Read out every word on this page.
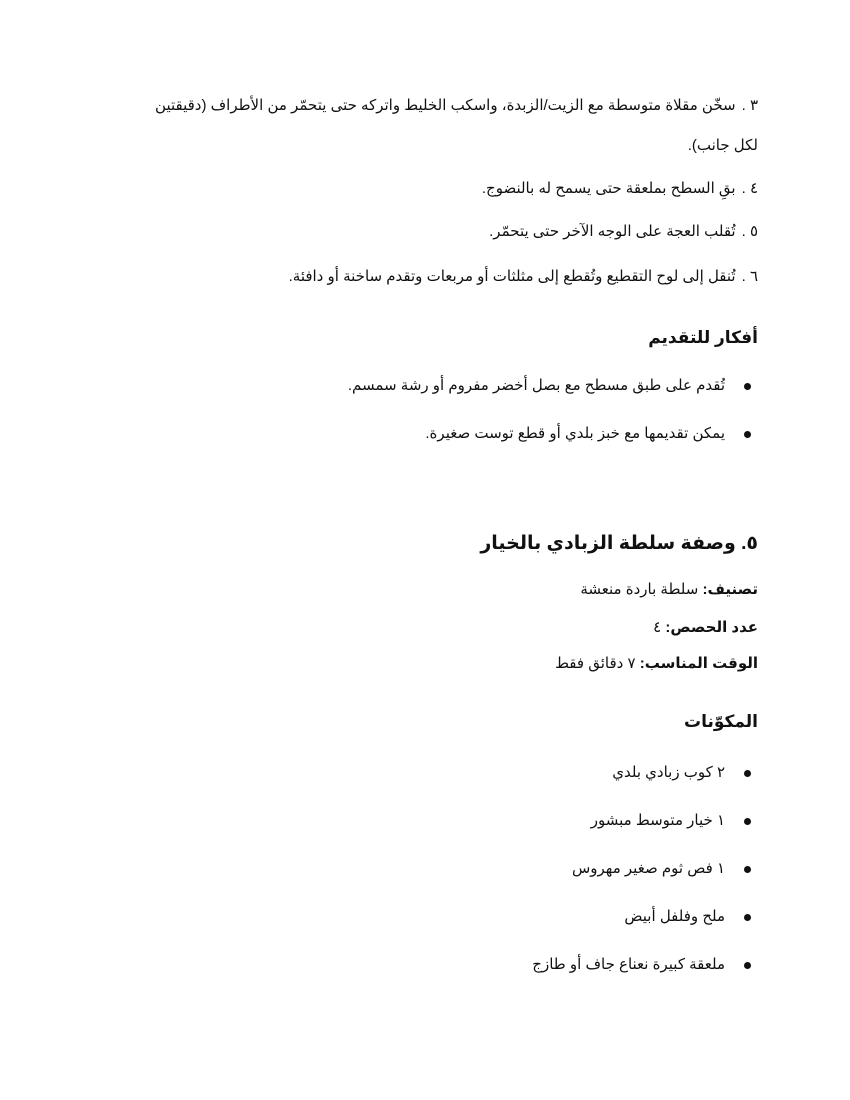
٣ .سخّن مقلاة متوسطة مع الزيت/الزبدة، واسكب الخليط واتركه حتى يتحمّر من الأطراف (دقيقتين لكل جانب).
٤ .بقِ السطح بملعقة حتى يسمح له بالنضوج.
٥ .تُقلب العجة على الوجه الآخر حتى يتحمّر.
٦ .تُنقل إلى لوح التقطيع وتُقطع إلى مثلثات أو مربعات وتقدم ساخنة أو دافئة.
أفكار للتقديم
تُقدم على طبق مسطح مع بصل أخضر مفروم أو رشة سمسم.
يمكن تقديمها مع خبز بلدي أو قطع توست صغيرة.
٥. وصفة سلطة الزبادي بالخيار
تصنيف: سلطة باردة منعشة
عدد الحصص: ٤
الوقت المناسب: ٧ دقائق فقط
المكوّنات
٢ كوب زبادي بلدي
١ خيار متوسط مبشور
١ فص ثوم صغير مهروس
ملح وفلفل أبيض
ملعقة كبيرة نعناع جاف أو طازج
